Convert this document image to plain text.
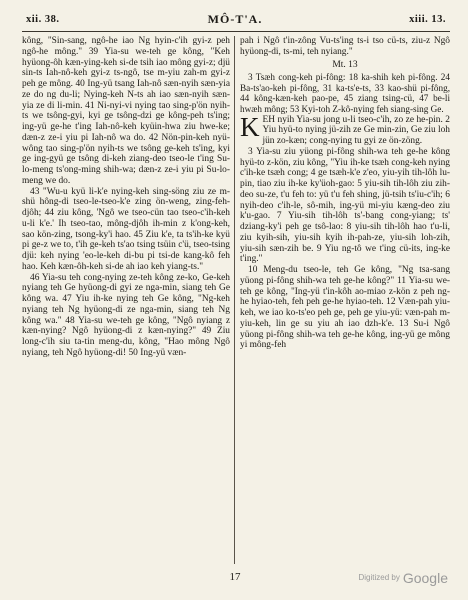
xii. 38.	MÔ-T'A.	xiii. 13.

kông, "Sin-sang, ngô-he iao Ng hyin-c'ih gyi-z peh ngô-he mông." 39 Yia-su we-teh ge kông, "Keh hyüong-ôh kæn-ying-keh si-de tsih iao mông gyi-z; djü sin-ts Iah-nô-keh gyi-z ts-ngô, tse m-yiu zah-m gyi-z peh ge mông. 40 Ing-yü tsang Iah-nô sæn-nyih sæn-yia ze do ng du-li; Nying-keh N-ts ah iao sæn-nyih sæn-yia ze di li-min. 41 Ni-nyi-vi nying tao sing-p'ön nyih-ts we tsông-gyi, kyi ge tsông-dzi ge kông-peh ts'ing; ing-yü ge-he t'ing Iah-nô-keh kyüin-hwa ziu hwe-ke; dæn-z ze-i yiu pi Iah-nô wa do. 42 Nön-pin-keh nyü-wông tao sing-p'ön nyih-ts we tsông ge-keh ts'ing, kyi ge ing-gyü ge tsông di-keh ziang-deo tseo-le t'ing Su-lo-meng ts'ong-ming shih-wa; dæn-z ze-i yiu pi Su-lo-meng we do.

43 "Wu-u kyü li-k'e nying-keh sing-söng ziu ze m-shü hông-di tseo-le-tseo-k'e zing ön-weng, zing-feh-djôh; 44 ziu kông, 'Ngô we tseo-cün tao tseo-c'ih-keh u-li k'e.' Ih tseo-tao, mông-djôh ih-min z k'ong-keh, sao kön-zing, tsong-ky'i hao. 45 Ziu k'e, ta ts'ih-ke kyü pi ge-z we to, t'ih ge-keh ts'ao tsing tsüin c'ü, tseo-tsing djü: keh nying 'eo-le-keh di-bu pi tsi-de kang-kô feh hao. Keh kæn-ôh-keh si-de ah iao keh yiang-ts."

46 Yia-su teh cong-nying ze-teh kông ze-ko, Ge-keh nyiang teh Ge hyüong-di gyi ze nga-min, siang teh Ge kông wa. 47 Yiu ih-ke nying teh Ge kông, "Ng-keh nyiang teh Ng hyüong-di ze nga-min, siang teh Ng kông wa." 48 Yia-su we-teh ge kông, "Ngô nyiang z kæn-nying? Ngô hyüong-di z kæn-nying?" 49 Ziu long-c'ih siu ta-tin meng-du, kông, "Hao mông Ngô nyiang, teh Ngô hyüong-di! 50 Ing-yü væn-

pah i Ngô t'in-zông Vu-ts'ing ts-i tso cü-ts, ziu-z Ngô hyüong-di, ts-mi, teh nyiang."

Mt. 13

3 Tsæh cong-keh pi-fông: 18 ka-shih keh pi-fông. 24 Ba-ts'ao-keh pi-fông, 31 ka-ts'e-ts, 33 kao-shü pi-fông, 44 kông-kæn-keh pao-pe, 45 ziang tsing-cü, 47 be-li hwæh mông; 53 Kyi-toh Z-kô-nying feh siang-sing Ge.

KEH nyih Yia-su jong u-li tseo-c'ih, zo ze he-pin. 2 Yiu hyü-to nying jü-zih ze Ge min-zin, Ge ziu loh jün zo-kæn; cong-nying tu gyi ze ön-zöng.

3 Yia-su ziu yüong pi-fông shih-wa teh ge-he kông hyü-to z-kön, ziu kông, "Yiu ih-ke tsæh cong-keh nying c'ih-ke tsæh cong; 4 ge tsæh-k'e z'eo, yiu-yih tih-lôh lu-pin, tiao ziu ih-ke ky'üoh-gao: 5 yiu-sih tih-lôh ziu zih-deo su-ze, t'u feh to: yü t'u feh shing, jü-tsih ts'iu-c'ih; 6 nyih-deo c'ih-le, sô-mih, ing-yü mi-yiu kæng-deo ziu k'u-gao. 7 Yiu-sih tih-lôh ts'-bang cong-yiang; ts' dziang-ky'i peh ge tsô-lao: 8 yiu-sih tih-lôh hao t'u-li, ziu kyih-sih, yiu-sih kyih ih-pah-ze, yiu-sih loh-zih, yiu-sih sæn-zih be. 9 Yiu ng-tô we t'ing cü-its, ing-ke t'ing."

10 Meng-du tseo-le, teh Ge kông, "Ng tsa-sang yüong pi-fông shih-wa teh ge-he kông?" 11 Yia-su we-teh ge kông, "Ing-yü t'in-kôh ao-miao z-kön z peh ng-he hyiao-teh, feh peh ge-he hyiao-teh. 12 Væn-pah yiu-keh, we iao ko-ts'eo peh ge, peh ge yiu-yü: væn-pah m-yiu-keh, lin ge su yiu ah iao dzh-k'e. 13 Su-i Ngô yüong pi-fông shih-wa teh ge-he kông, ing-yü ge mông yi mông-feh

17	Digitized by Google
